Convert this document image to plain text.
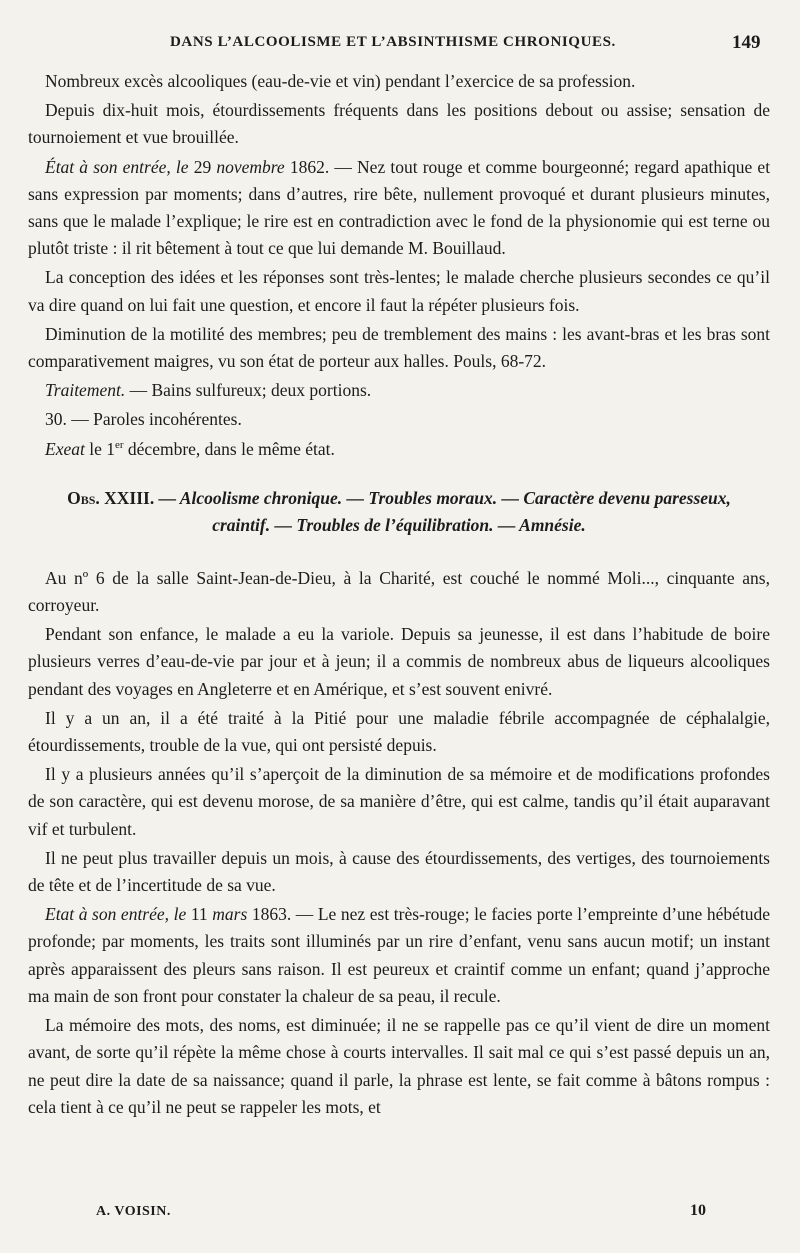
DANS L’ALCOOLISME ET L’ABSINTHISME CHRONIQUES.	149

Nombreux excès alcooliques (eau-de-vie et vin) pendant l’exercice de sa profession.

Depuis dix-huit mois, étourdissements fréquents dans les positions debout ou assise; sensation de tournoiement et vue brouillée.

État à son entrée, le 29 novembre 1862. — Nez tout rouge et comme bourgeonné; regard apathique et sans expression par moments; dans d’autres, rire bête, nullement provoqué et durant plusieurs minutes, sans que le malade l’explique; le rire est en contradiction avec le fond de la physionomie qui est terne ou plutôt triste : il rit bêtement à tout ce que lui demande M. Bouillaud.

La conception des idées et les réponses sont très-lentes; le malade cherche plusieurs secondes ce qu’il va dire quand on lui fait une question, et encore il faut la répéter plusieurs fois.

Diminution de la motilité des membres; peu de tremblement des mains : les avant-bras et les bras sont comparativement maigres, vu son état de porteur aux halles. Pouls, 68-72.

Traitement. — Bains sulfureux; deux portions.

30. — Paroles incohérentes.

Exeat le 1er décembre, dans le même état.

Obs. XXIII. — Alcoolisme chronique. — Troubles moraux. — Caractère devenu paresseux,
craintif. — Troubles de l’équilibration. — Amnésie.

Au nº 6 de la salle Saint-Jean-de-Dieu, à la Charité, est couché le nommé Moli..., cinquante ans, corroyeur.

Pendant son enfance, le malade a eu la variole. Depuis sa jeunesse, il est dans l’habitude de boire plusieurs verres d’eau-de-vie par jour et à jeun; il a commis de nombreux abus de liqueurs alcooliques pendant des voyages en Angleterre et en Amérique, et s’est souvent enivré.

Il y a un an, il a été traité à la Pitié pour une maladie fébrile accompagnée de céphalalgie, étourdissements, trouble de la vue, qui ont persisté depuis.

Il y a plusieurs années qu’il s’aperçoit de la diminution de sa mémoire et de modifications profondes de son caractère, qui est devenu morose, de sa manière d’être, qui est calme, tandis qu’il était auparavant vif et turbulent.

Il ne peut plus travailler depuis un mois, à cause des étourdissements, des vertiges, des tournoiements de tête et de l’incertitude de sa vue.

Etat à son entrée, le 11 mars 1863. — Le nez est très-rouge; le facies porte l’empreinte d’une hébétude profonde; par moments, les traits sont illuminés par un rire d’enfant, venu sans aucun motif; un instant après apparaissent des pleurs sans raison. Il est peureux et craintif comme un enfant; quand j’approche ma main de son front pour constater la chaleur de sa peau, il recule.

La mémoire des mots, des noms, est diminuée; il ne se rappelle pas ce qu’il vient de dire un moment avant, de sorte qu’il répète la même chose à courts intervalles. Il sait mal ce qui s’est passé depuis un an, ne peut dire la date de sa naissance; quand il parle, la phrase est lente, se fait comme à bâtons rompus : cela tient à ce qu’il ne peut se rappeler les mots, et

A. VOISIN.	10
